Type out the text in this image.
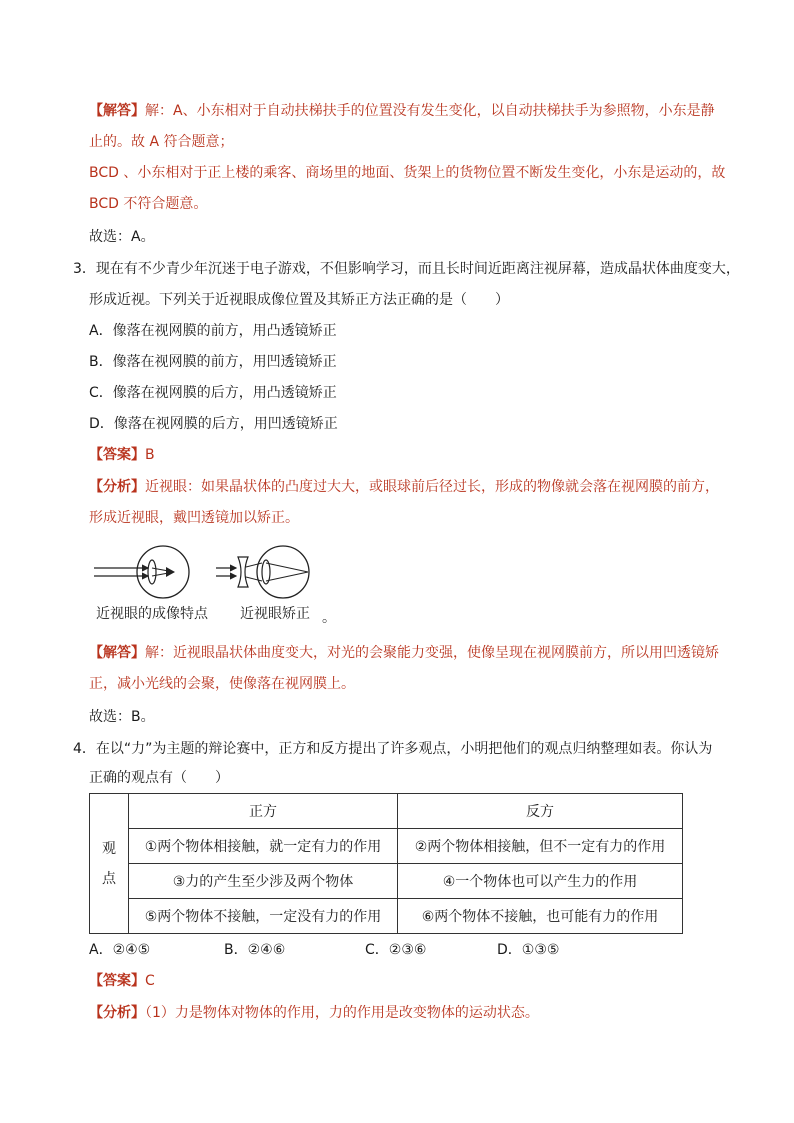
【解答】解：A、小东相对于自动扶梯扶手的位置没有发生变化，以自动扶梯扶手为参照物，小东是静
止的。故 A 符合题意；
BCD 、小东相对于正上楼的乘客、商场里的地面、货架上的货物位置不断发生变化，小东是运动的，故
BCD 不符合题意。
故选：A。
3．现在有不少青少年沉迷于电子游戏，不但影响学习，而且长时间近距离注视屏幕，造成晶状体曲度变大，
形成近视。下列关于近视眼成像位置及其矫正方法正确的是（　　）
A．像落在视网膜的前方，用凸透镜矫正
B．像落在视网膜的前方，用凹透镜矫正
C．像落在视网膜的后方，用凸透镜矫正
D．像落在视网膜的后方，用凹透镜矫正
【答案】B
【分析】近视眼：如果晶状体的凸度过大大，或眼球前后径过长，形成的物像就会落在视网膜的前方，
形成近视眼，戴凹透镜加以矫正。
近视眼的成像特点 近视眼矫正 。
【解答】解：近视眼晶状体曲度变大，对光的会聚能力变强，使像呈现在视网膜前方，所以用凹透镜矫
正，减小光线的会聚，使像落在视网膜上。
故选：B。
4．在以“力”为主题的辩论赛中，正方和反方提出了许多观点，小明把他们的观点归纳整理如表。你认为
正确的观点有（　　）
观
点	正方	反方
	①两个物体相接触，就一定有力的作用	②两个物体相接触，但不一定有力的作用
	③力的产生至少涉及两个物体	④一个物体也可以产生力的作用
	⑤两个物体不接触，一定没有力的作用	⑥两个物体不接触，也可能有力的作用
A．②④⑤	B．②④⑥	C．②③⑥	D．①③⑤
【答案】C
【分析】（1）力是物体对物体的作用，力的作用是改变物体的运动状态。
